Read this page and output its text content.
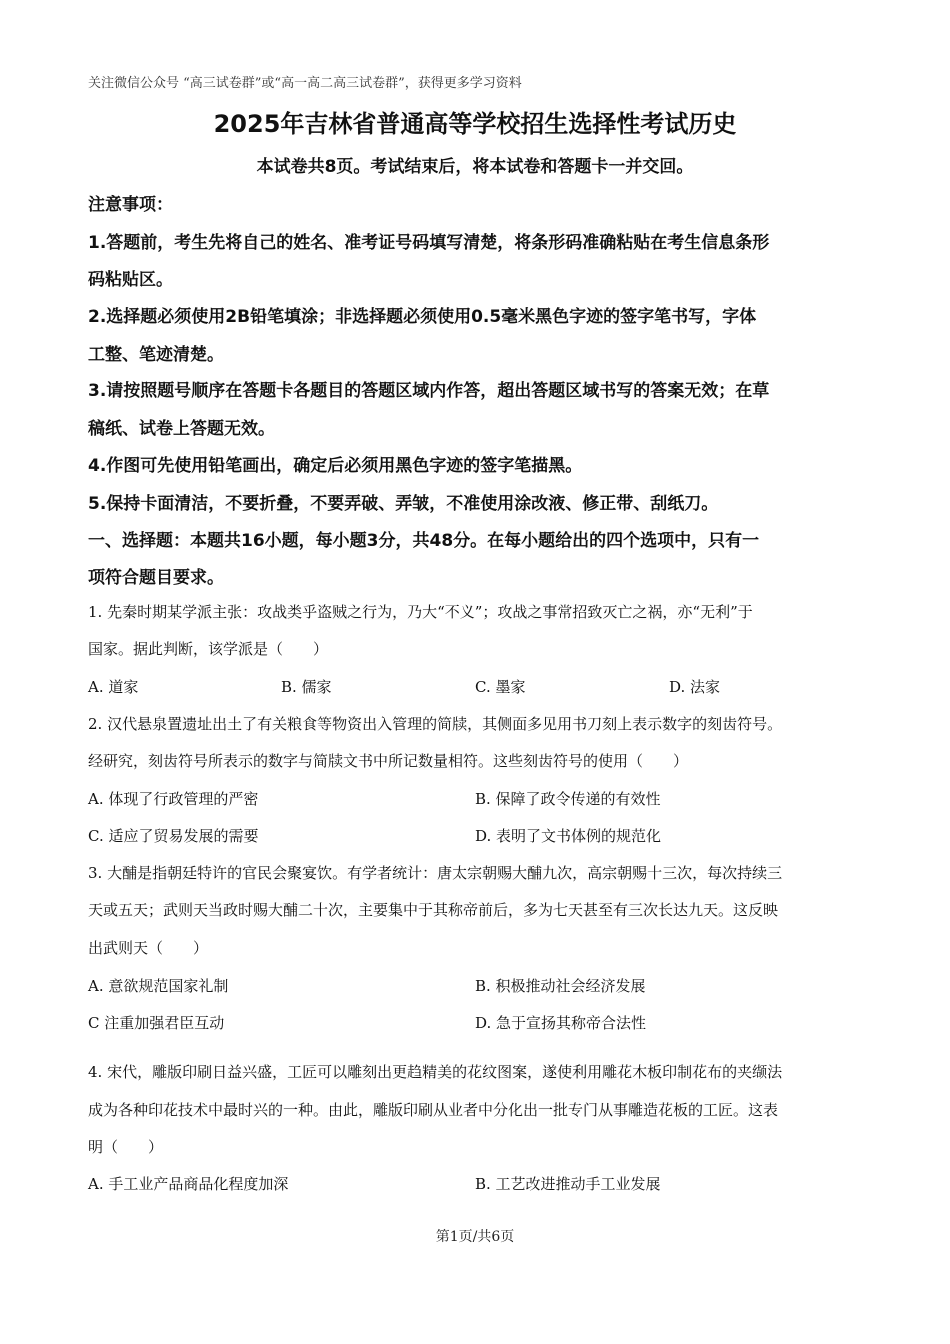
关注微信公众号 “高三试卷群”或“高一高二高三试卷群”，获得更多学习资料
2025年吉林省普通高等学校招生选择性考试历史
本试卷共8页。考试结束后，将本试卷和答题卡一并交回。
注意事项：
1.答题前，考生先将自己的姓名、准考证号码填写清楚，将条形码准确粘贴在考生信息条形
码粘贴区。
2.选择题必须使用2B铅笔填涂；非选择题必须使用0.5毫米黑色字迹的签字笔书写，字体
工整、笔迹清楚。
3.请按照题号顺序在答题卡各题目的答题区域内作答，超出答题区域书写的答案无效；在草
稿纸、试卷上答题无效。
4.作图可先使用铅笔画出，确定后必须用黑色字迹的签字笔描黑。
5.保持卡面清洁，不要折叠，不要弄破、弄皱，不准使用涂改液、修正带、刮纸刀。
一、选择题：本题共16小题，每小题3分，共48分。在每小题给出的四个选项中，只有一
项符合题目要求。
1. 先秦时期某学派主张：攻战类乎盗贼之行为，乃大“不义”；攻战之事常招致灭亡之祸，亦“无利”于
国家。据此判断，该学派是（　　）
A. 道家	B. 儒家	C. 墨家	D. 法家
2. 汉代悬泉置遗址出土了有关粮食等物资出入管理的简牍，其侧面多见用书刀刻上表示数字的刻齿符号。
经研究，刻齿符号所表示的数字与简牍文书中所记数量相符。这些刻齿符号的使用（　　）
A. 体现了行政管理的严密	B. 保障了政令传递的有效性
C. 适应了贸易发展的需要	D. 表明了文书体例的规范化
3. 大酺是指朝廷特许的官民会聚宴饮。有学者统计：唐太宗朝赐大酺九次，高宗朝赐十三次，每次持续三
天或五天；武则天当政时赐大酺二十次，主要集中于其称帝前后，多为七天甚至有三次长达九天。这反映
出武则天（　　）
A. 意欲规范国家礼制	B. 积极推动社会经济发展
C 注重加强君臣互动	D. 急于宣扬其称帝合法性
4. 宋代，雕版印刷日益兴盛，工匠可以雕刻出更趋精美的花纹图案，遂使利用雕花木板印制花布的夹缬法
成为各种印花技术中最时兴的一种。由此，雕版印刷从业者中分化出一批专门从事雕造花板的工匠。这表
明（　　）
A. 手工业产品商品化程度加深	B. 工艺改进推动手工业发展
第1页/共6页
